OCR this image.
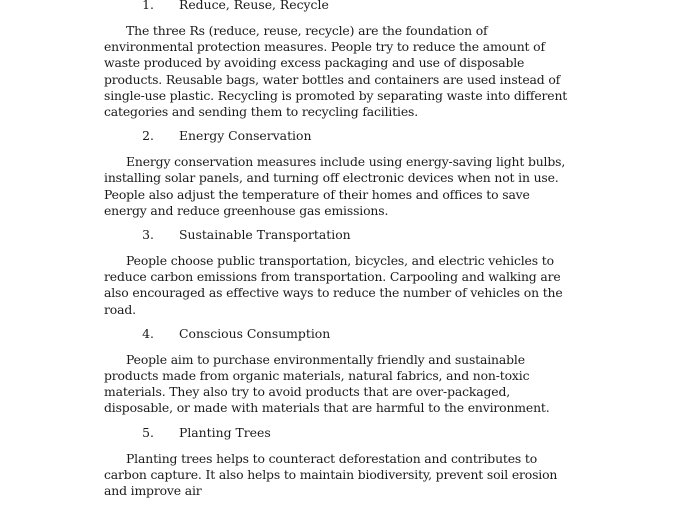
1. Reduce, Reuse, Recycle

The three Rs (reduce, reuse, recycle) are the foundation of environmental protection measures. People try to reduce the amount of waste produced by avoiding excess packaging and use of disposable products. Reusable bags, water bottles and containers are used instead of single-use plastic. Recycling is promoted by separating waste into different categories and sending them to recycling facilities.

2. Energy Conservation

Energy conservation measures include using energy-saving light bulbs, installing solar panels, and turning off electronic devices when not in use. People also adjust the temperature of their homes and offices to save energy and reduce greenhouse gas emissions.

3. Sustainable Transportation

People choose public transportation, bicycles, and electric vehicles to reduce carbon emissions from transportation. Carpooling and walking are also encouraged as effective ways to reduce the number of vehicles on the road.

4. Conscious Consumption

People aim to purchase environmentally friendly and sustainable products made from organic materials, natural fabrics, and non-toxic materials. They also try to avoid products that are over-packaged, disposable, or made with materials that are harmful to the environment.

5. Planting Trees

Planting trees helps to counteract deforestation and contributes to carbon capture. It also helps to maintain biodiversity, prevent soil erosion and improve air
